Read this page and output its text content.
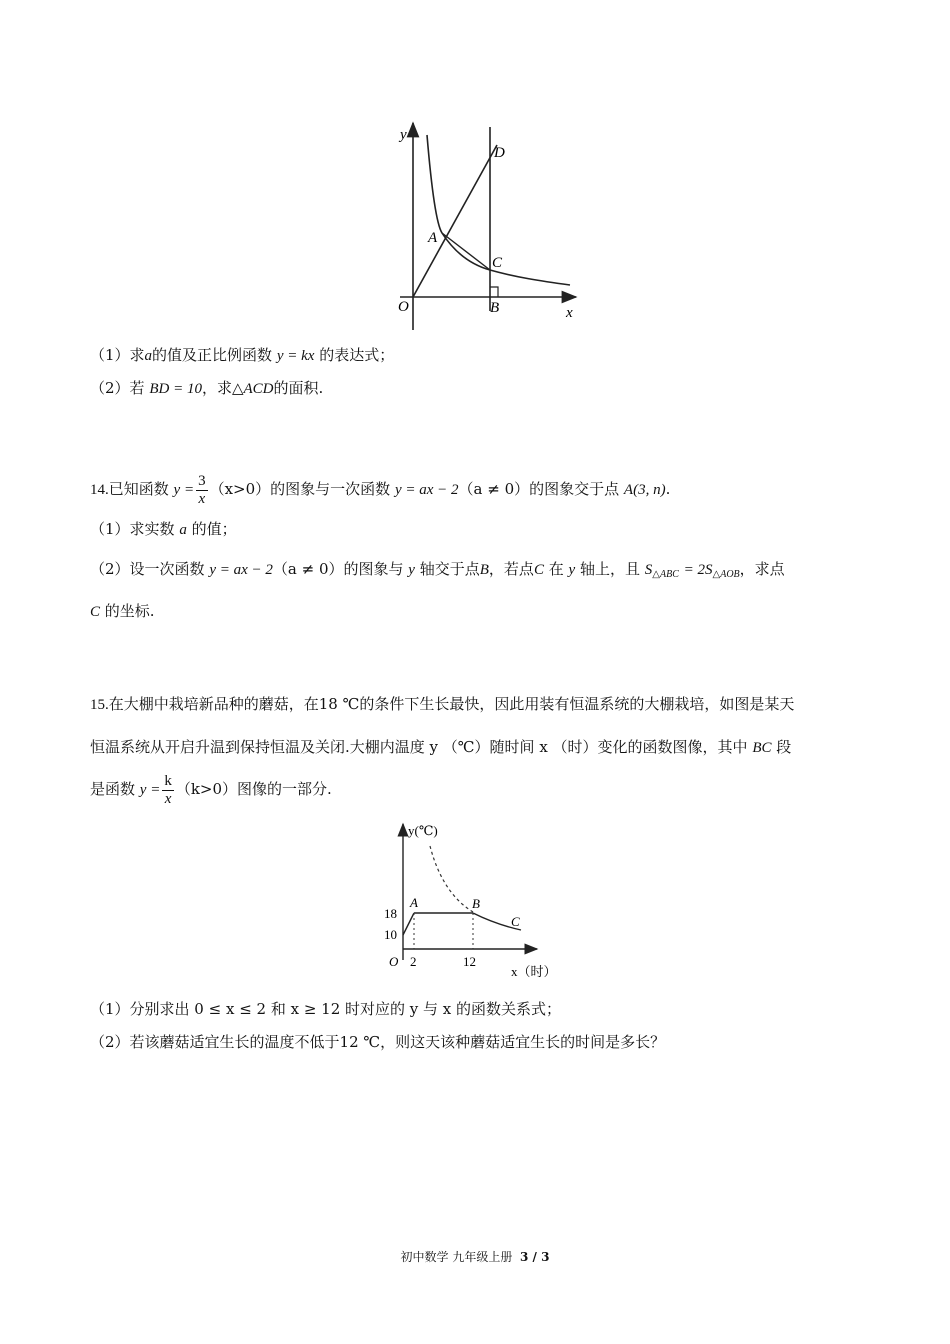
y
x
D
A
C
O	B
（1）求a的值及正比例函数 y = kx 的表达式；
（2）若 BD = 10，求△ACD的面积.
14.已知函数 $y = \frac{3}{x} (x>0)$的图象与一次函数 y = ax − 2（a ≠ 0）的图象交于点 A(3, n).
（1）求实数 a 的值；
（2）设一次函数 y = ax − 2（a ≠ 0）的图象与 y 轴交于点B，若点C 在 y 轴上，且 $S_{\triangle ABC} = 2S_{\triangle AOB}$，求点
C 的坐标.
15.在大棚中栽培新品种的蘑菇，在18 ℃的条件下生长最快，因此用装有恒温系统的大棚栽培，如图是某天
恒温系统从开启升温到保持恒温及关闭.大棚内温度 y （℃）随时间 x （时）变化的函数图像，其中 BC 段
是函数 $y = \frac{k}{x} (k>0)$图像的一部分.
y(℃)
x（时）
18
10
2	12
O
A	B
C
（1）分别求出 0 ≤ x ≤ 2 和 x ≥ 12 时对应的 y 与 x 的函数关系式；
（2）若该蘑菇适宜生长的温度不低于12 ℃，则这天该种蘑菇适宜生长的时间是多长？
初中数学 九年级上册 3 / 3
